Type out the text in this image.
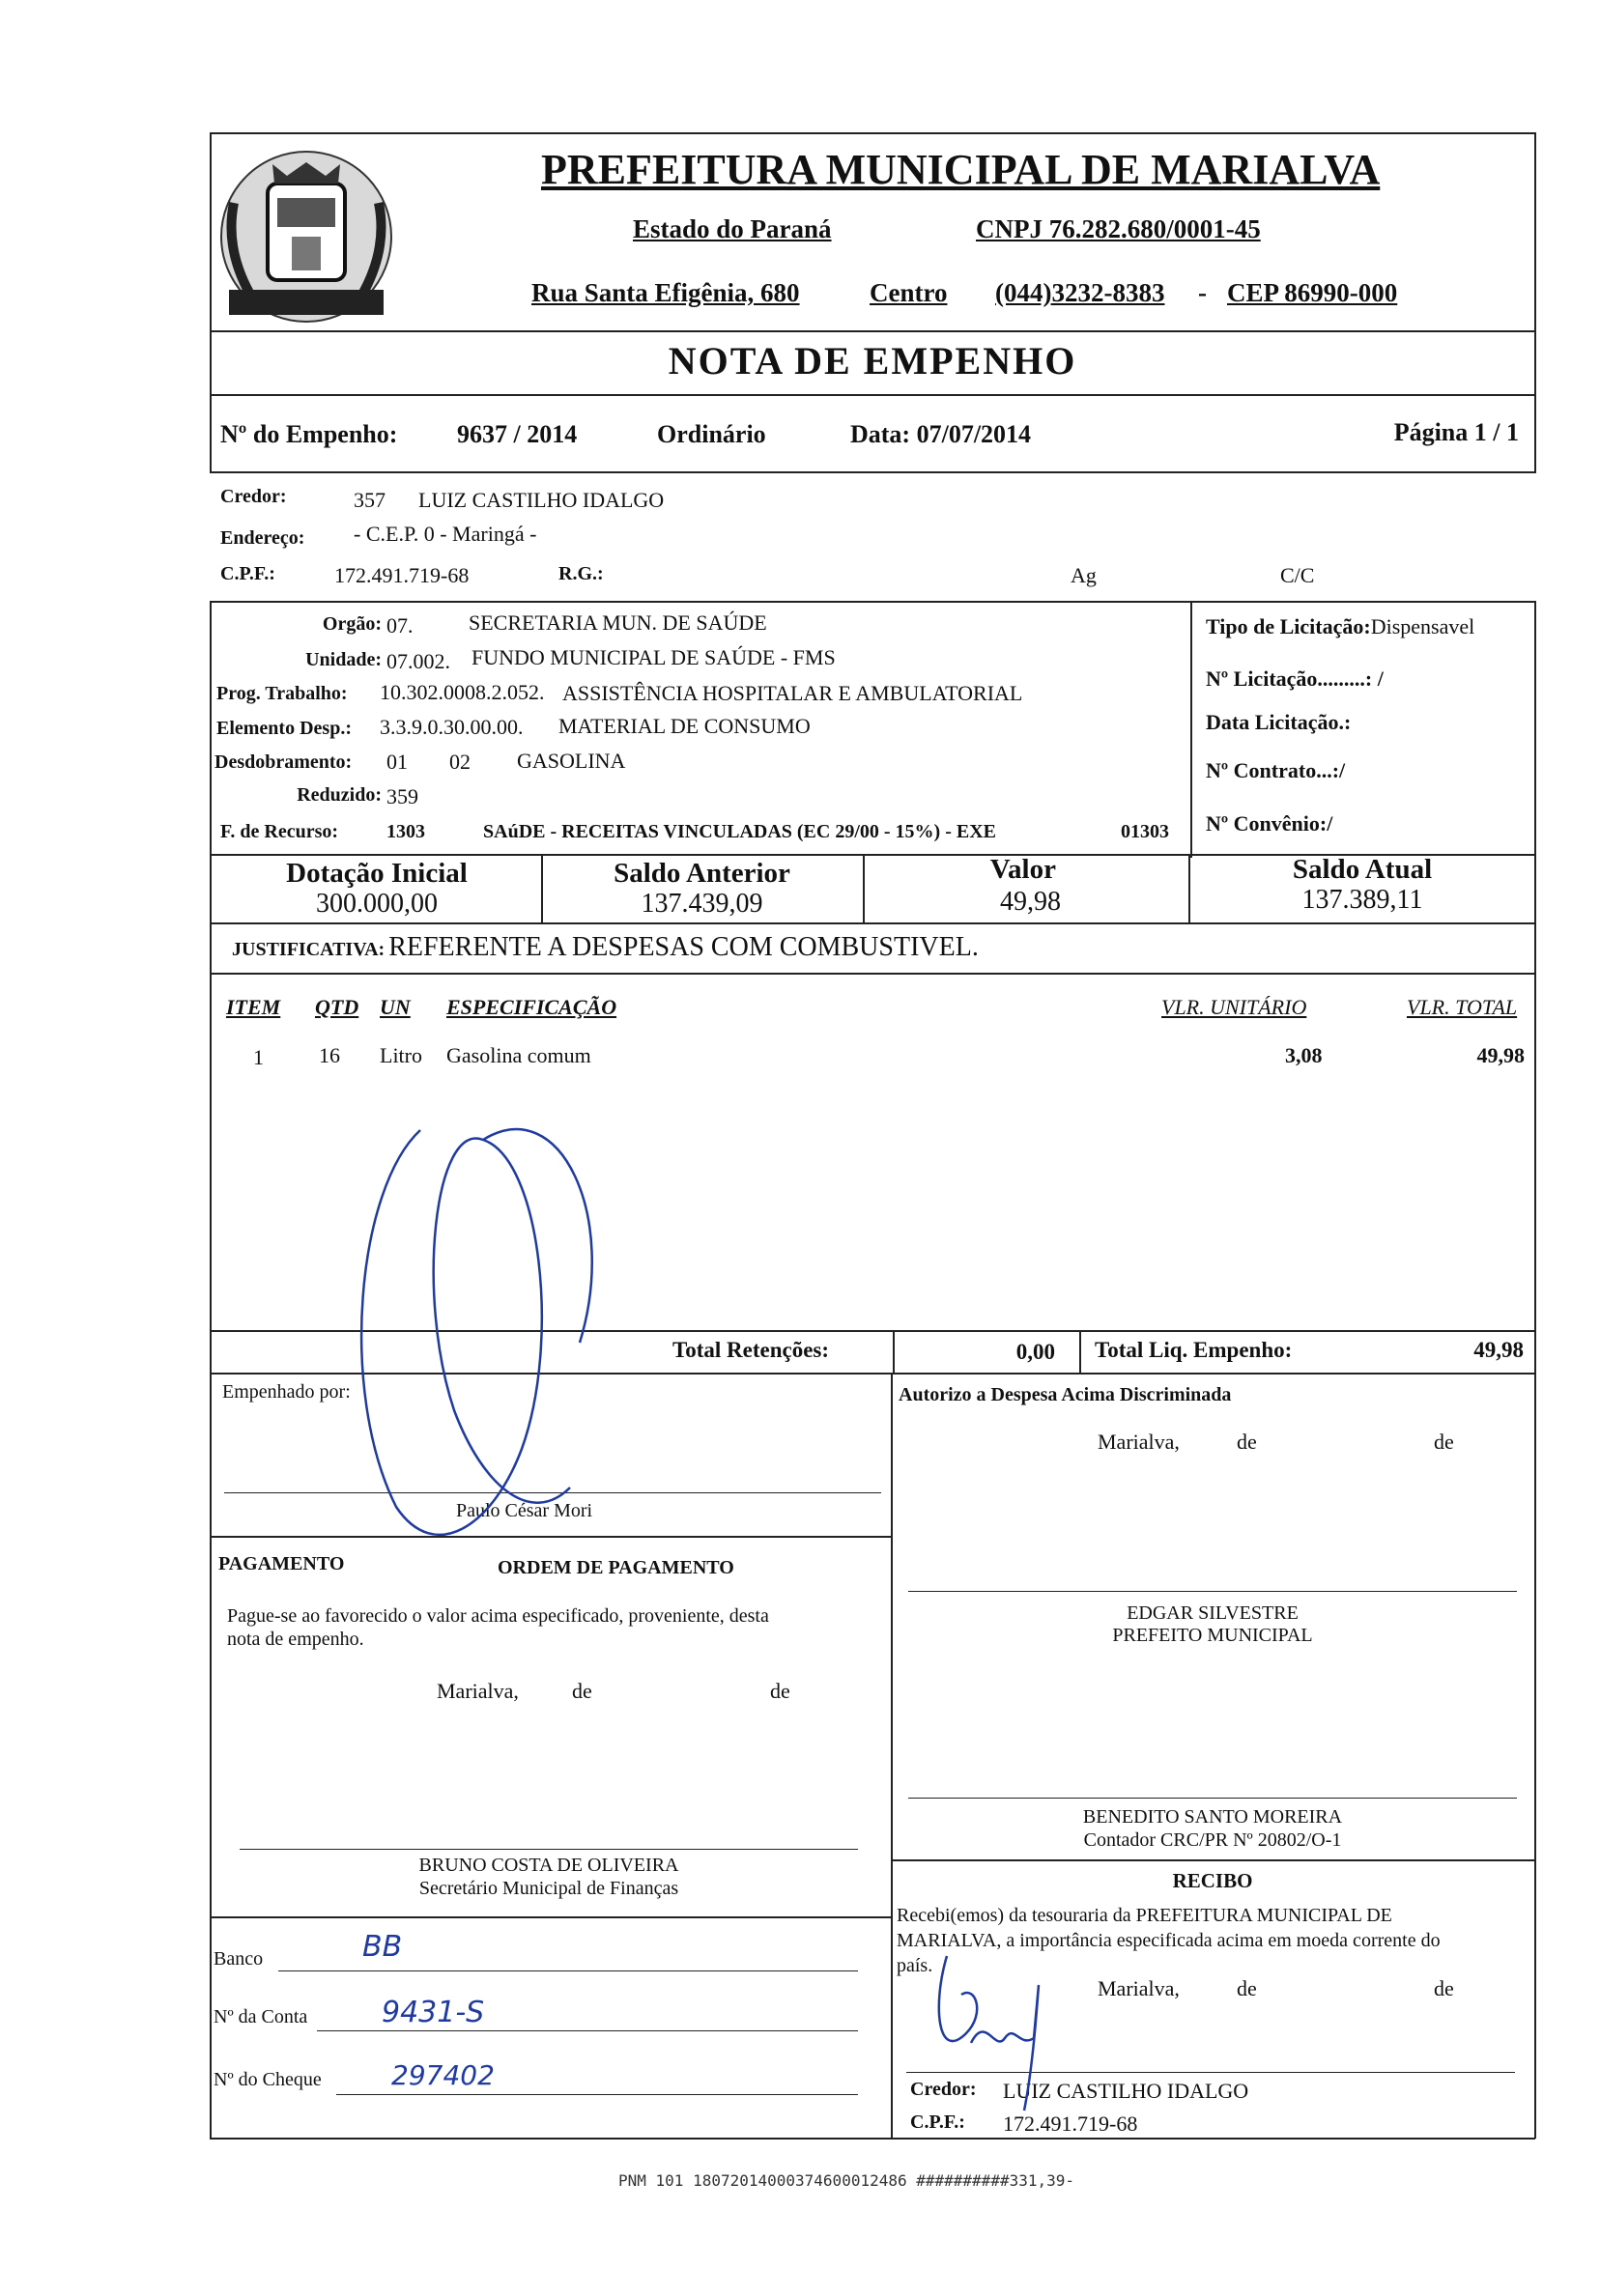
PREFEITURA MUNICIPAL DE MARIALVA
Estado do Paraná	CNPJ 76.282.680/0001-45
Rua Santa Efigênia, 680	Centro (044)3232-8383 - CEP 86990-000
NOTA DE EMPENHO
Nº do Empenho: 9637 / 2014	Ordinário	Data: 07/07/2014	Página 1 / 1
Credor:	357 LUIZ CASTILHO IDALGO
Endereço: - C.E.P. 0 - Maringá -
C.P.F.:	172.491.719-68	R.G.:	Ag	C/C
Orgão: 07.	SECRETARIA MUN. DE SAÚDE
Unidade: 07.002. FUNDO MUNICIPAL DE SAÚDE - FMS
Prog. Trabalho: 10.302.0008.2.052. ASSISTÊNCIA HOSPITALAR E AMBULATORIAL
Elemento Desp.: 3.3.9.0.30.00.00. MATERIAL DE CONSUMO
Desdobramento: 01 02 GASOLINA
Reduzido: 359
F. de Recurso: 1303	SAúDE - RECEITAS VINCULADAS (EC 29/00 - 15%) - EXE	01303
Tipo de Licitação:Dispensavel
Nº Licitação.........: /
Data Licitação.:
Nº Contrato...:/
Nº Convênio:/
Dotação Inicial
300.000,00
Saldo Anterior
137.439,09
Valor
49,98
Saldo Atual
137.389,11
JUSTIFICATIVA: REFERENTE A DESPESAS COM COMBUSTIVEL.
ITEM QTD UN ESPECIFICAÇÃO	VLR. UNITÁRIO	VLR. TOTAL
1	16 Litro Gasolina comum	3,08	49,98
Total Retenções:	0,00 Total Liq. Empenho:	49,98
Empenhado por:
Paulo César Mori
PAGAMENTO	ORDEM DE PAGAMENTO
Pague-se ao favorecido o valor acima especificado, proveniente, desta
nota de empenho.
Marialva,	de	de
BRUNO COSTA DE OLIVEIRA
Secretário Municipal de Finanças
Banco	BB
Nº da Conta	9431-S
Nº do Cheque	297402
Autorizo a Despesa Acima Discriminada
Marialva,	de	de
EDGAR SILVESTRE
PREFEITO MUNICIPAL
BENEDITO SANTO MOREIRA
Contador CRC/PR Nº 20802/O-1
RECIBO
Recebi(emos) da tesouraria da PREFEITURA MUNICIPAL DE
MARIALVA, a importância especificada acima em moeda corrente do
país.
Marialva,	de	de
Credor: LUIZ CASTILHO IDALGO
C.P.F.: 172.491.719-68
PNM 101 18072014000374600012486 ##########331,39-
